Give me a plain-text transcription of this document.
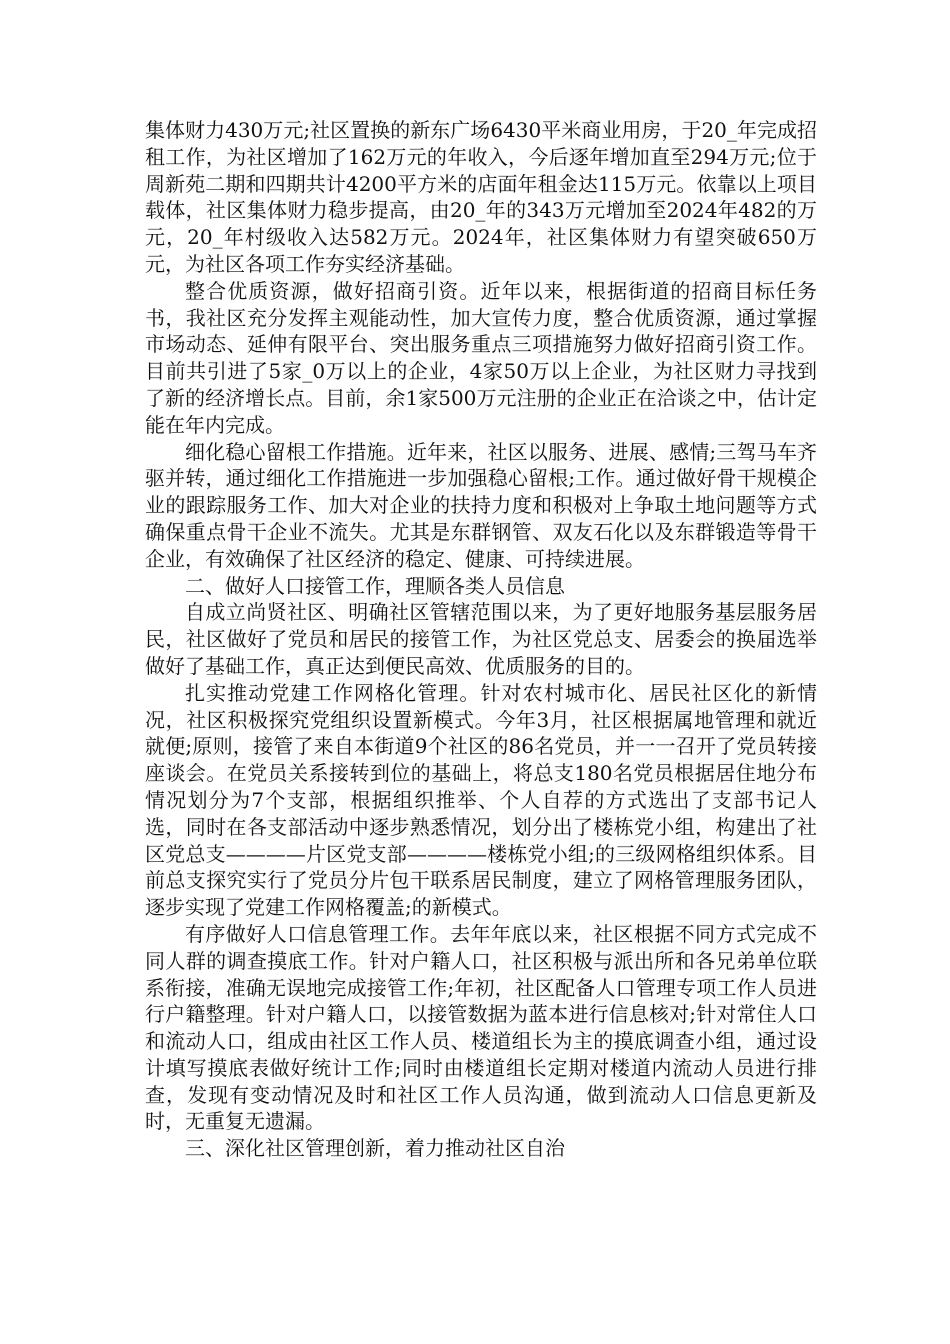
集体财力430万元;社区置换的新东广场6430平米商业用房，于20_年完成招租工作，为社区增加了162万元的年收入，今后逐年增加直至294万元;位于周新苑二期和四期共计4200平方米的店面年租金达115万元。依靠以上项目载体，社区集体财力稳步提高，由20_年的343万元增加至2024年482的万元，20_年村级收入达582万元。2024年，社区集体财力有望突破650万元，为社区各项工作夯实经济基础。

整合优质资源，做好招商引资。近年以来，根据街道的招商目标任务书，我社区充分发挥主观能动性，加大宣传力度，整合优质资源，通过掌握市场动态、延伸有限平台、突出服务重点三项措施努力做好招商引资工作。目前共引进了5家_0万以上的企业，4家50万以上企业，为社区财力寻找到了新的经济增长点。目前，余1家500万元注册的企业正在洽谈之中，估计定能在年内完成。

细化稳心留根工作措施。近年来，社区以服务、进展、感情;三驾马车齐驱并转，通过细化工作措施进一步加强稳心留根;工作。通过做好骨干规模企业的跟踪服务工作、加大对企业的扶持力度和积极对上争取土地问题等方式确保重点骨干企业不流失。尤其是东群钢管、双友石化以及东群锻造等骨干企业，有效确保了社区经济的稳定、健康、可持续进展。

二、做好人口接管工作，理顺各类人员信息

自成立尚贤社区、明确社区管辖范围以来，为了更好地服务基层服务居民，社区做好了党员和居民的接管工作，为社区党总支、居委会的换届选举做好了基础工作，真正达到便民高效、优质服务的目的。

扎实推动党建工作网格化管理。针对农村城市化、居民社区化的新情况，社区积极探究党组织设置新模式。今年3月，社区根据属地管理和就近就便;原则，接管了来自本街道9个社区的86名党员，并一一召开了党员转接座谈会。在党员关系接转到位的基础上，将总支180名党员根据居住地分布情况划分为7个支部，根据组织推举、个人自荐的方式选出了支部书记人选，同时在各支部活动中逐步熟悉情况，划分出了楼栋党小组，构建出了社区党总支————片区党支部————楼栋党小组;的三级网格组织体系。目前总支探究实行了党员分片包干联系居民制度，建立了网格管理服务团队，逐步实现了党建工作网格覆盖;的新模式。

有序做好人口信息管理工作。去年年底以来，社区根据不同方式完成不同人群的调查摸底工作。针对户籍人口，社区积极与派出所和各兄弟单位联系衔接，准确无误地完成接管工作;年初，社区配备人口管理专项工作人员进行户籍整理。针对户籍人口，以接管数据为蓝本进行信息核对;针对常住人口和流动人口，组成由社区工作人员、楼道组长为主的摸底调查小组，通过设计填写摸底表做好统计工作;同时由楼道组长定期对楼道内流动人员进行排查，发现有变动情况及时和社区工作人员沟通，做到流动人口信息更新及时，无重复无遗漏。

三、深化社区管理创新，着力推动社区自治
